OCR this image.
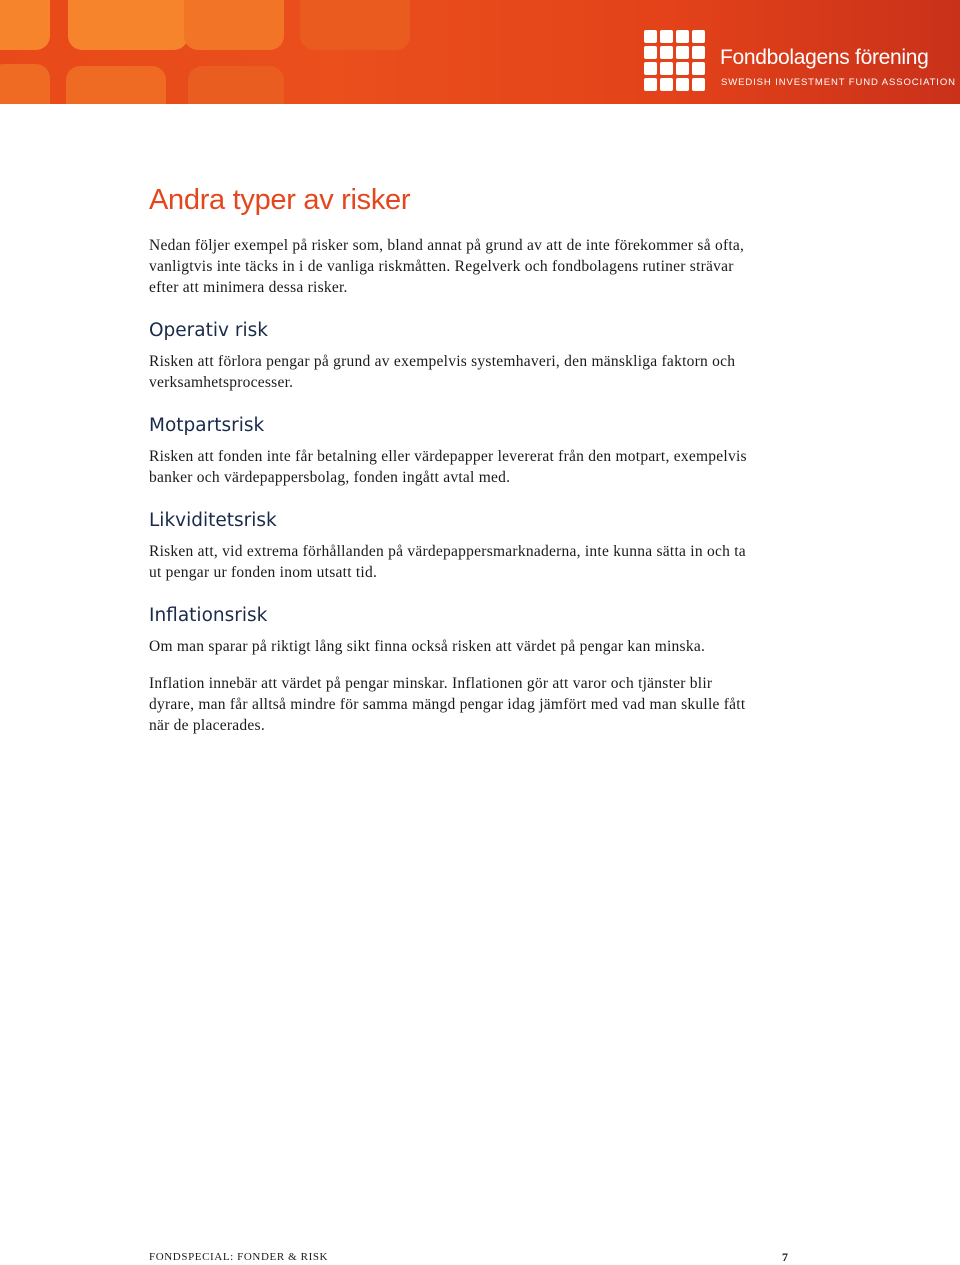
Fondbolagens förening
SWEDISH INVESTMENT FUND ASSOCIATION
Andra typer av risker

Nedan följer exempel på risker som, bland annat på grund av att de inte förekommer så ofta, vanligtvis inte täcks in i de vanliga riskmåtten. Regelverk och fondbolagens rutiner strävar efter att minimera dessa risker.

Operativ risk

Risken att förlora pengar på grund av exempelvis systemhaveri, den mänskliga faktorn och verksamhetsprocesser.

Motpartsrisk

Risken att fonden inte får betalning eller värdepapper levererat från den motpart, exempelvis banker och värdepappersbolag, fonden ingått avtal med.

Likviditetsrisk

Risken att, vid extrema förhållanden på värdepappersmarknaderna, inte kunna sätta in och ta ut pengar ur fonden inom utsatt tid.

Inflationsrisk

Om man sparar på riktigt lång sikt finna också risken att värdet på pengar kan minska.

Inflation innebär att värdet på pengar minskar. Inflationen gör att varor och tjänster blir dyrare, man får alltså mindre för samma mängd pengar idag jämfört med vad man skulle fått när de placerades.

FONDSPECIAL: FONDER & RISK	7
